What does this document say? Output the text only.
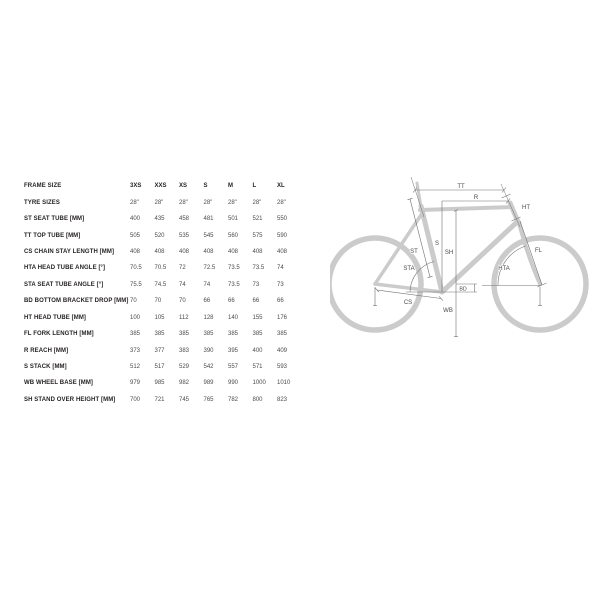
FRAME SIZE	3XS	XXS	XS	S	M	L	XL
TYRE SIZES	28"	28"	28"	28"	28"	28"	28"
ST SEAT TUBE [MM]	400	435	458	481	501	521	550
TT TOP TUBE [MM]	505	520	535	545	560	575	590
CS CHAIN STAY LENGTH [MM]	408	408	408	408	408	408	408
HTA HEAD TUBE ANGLE [°]	70.5	70.5	72	72.5	73.5	73.5	74
STA SEAT TUBE ANGLE [°]	75.5	74.5	74	74	73.5	73	73
BD BOTTOM BRACKET DROP [MM] 70	70	70	66	66	66	66
HT HEAD TUBE [MM]	100	105	112	128	140	155	176
FL FORK LENGTH [MM]	385	385	385	385	385	385	385
R REACH [MM]	373	377	383	390	395	400	409
S STACK [MM]	512	517	529	542	557	571	593
WB WHEEL BASE [MM]	979	985	982	989	990	1000	1010
SH STAND OVER HEIGHT [MM]	700	721	745	765	782	800	823
TT
R
HT
ST
S
SH
STA
FL
HTA
BD
CS
WB
